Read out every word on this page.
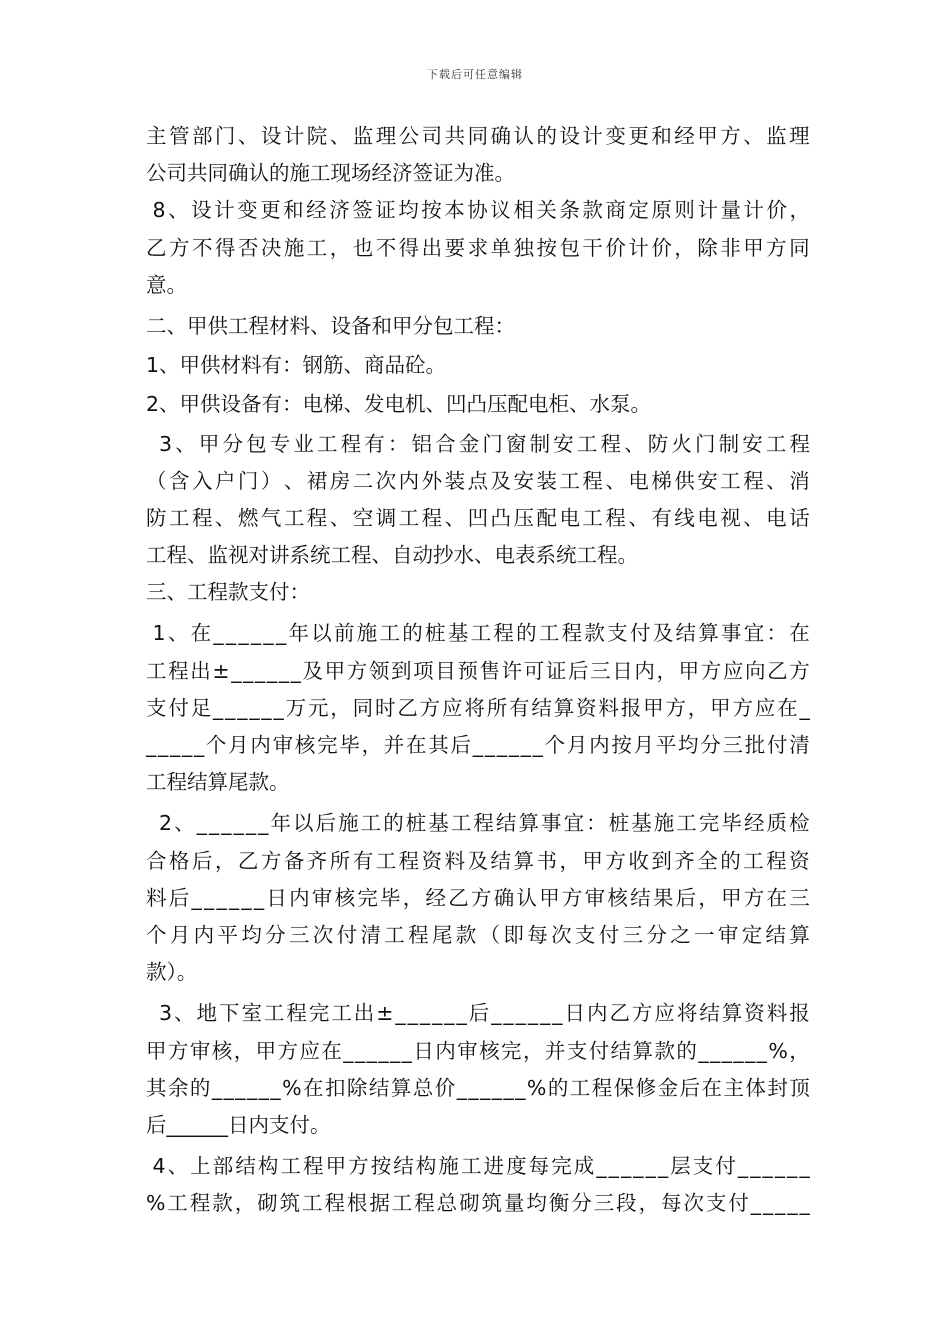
下载后可任意编辑
主 管 部 门 、 设 计 院 、 监 理 公 司 共 同 确 认 的 设 计 变 更 和 经 甲 方 、 监 理
公司共同确认的施工现场经济签证为准。
8 、 设 计 变 更 和 经 济 签 证 均 按 本 协 议 相 关 条 款 商 定 原 则 计 量 计 价 ，
乙 方 不 得 否 决 施 工 ， 也 不 得 出 要 求 单 独 按 包 干 价 计 价 ， 除 非 甲 方 同
意。
二、甲供工程材料、设备和甲分包工程：
1、甲供材料有：钢筋、商品砼。
2、甲供设备有：电梯、发电机、凹凸压配电柜、水泵。
3 、 甲 分 包 专 业 工 程 有 ： 铝 合 金 门 窗 制 安 工 程 、 防 火 门 制 安 工 程
（ 含 入 户 门 ） 、 裙 房 二 次 内 外 装 点 及 安 装 工 程 、 电 梯 供 安 工 程 、 消
防 工 程 、 燃 气 工 程 、 空 调 工 程 、 凹 凸 压 配 电 工 程 、 有 线 电 视 、 电 话
工程、监视对讲系统工程、自动抄水、电表系统工程。
三、工程款支付：
1 、 在 _ _ _ _ _ _ 年 以 前 施 工 的 桩 基 工 程 的 工 程 款 支 付 及 结 算 事 宜 ： 在
工 程 出 ± _ _ _ _ _ _ 及 甲 方 领 到 项 目 预 售 许 可 证 后 三 日 内 ， 甲 方 应 向 乙 方
支 付 足 _ _ _ _ _ _ 万 元 ， 同 时 乙 方 应 将 所 有 结 算 资 料 报 甲 方 ， 甲 方 应 在 _
_ _ _ _ _ 个 月 内 审 核 完 毕 ， 并 在 其 后 _ _ _ _ _ _ 个 月 内 按 月 平 均 分 三 批 付 清
工程结算尾款。
2 、 _ _ _ _ _ _ 年 以 后 施 工 的 桩 基 工 程 结 算 事 宜 ： 桩 基 施 工 完 毕 经 质 检
合 格 后 ， 乙 方 备 齐 所 有 工 程 资 料 及 结 算 书 ， 甲 方 收 到 齐 全 的 工 程 资
料 后 _ _ _ _ _ _ 日 内 审 核 完 毕 ， 经 乙 方 确 认 甲 方 审 核 结 果 后 ， 甲 方 在 三
个 月 内 平 均 分 三 次 付 清 工 程 尾 款 （ 即 每 次 支 付 三 分 之 一 审 定 结 算
款）。
3 、 地 下 室 工 程 完 工 出 ± _ _ _ _ _ _ 后 _ _ _ _ _ _ 日 内 乙 方 应 将 结 算 资 料 报
甲 方 审 核 ， 甲 方 应 在 _ _ _ _ _ _ 日 内 审 核 完 ， 并 支 付 结 算 款 的 _ _ _ _ _ _ % ，
其 余 的 _ _ _ _ _ _ % 在 扣 除 结 算 总 价 _ _ _ _ _ _ % 的 工 程 保 修 金 后 在 主 体 封 顶
后______日内支付。
4 、 上 部 结 构 工 程 甲 方 按 结 构 施 工 进 度 每 完 成 _ _ _ _ _ _ 层 支 付 _ _ _ _ _ _
% 工 程 款 ， 砌 筑 工 程 根 据 工 程 总 砌 筑 量 均 衡 分 三 段 ， 每 次 支 付 _ _ _ _ _
